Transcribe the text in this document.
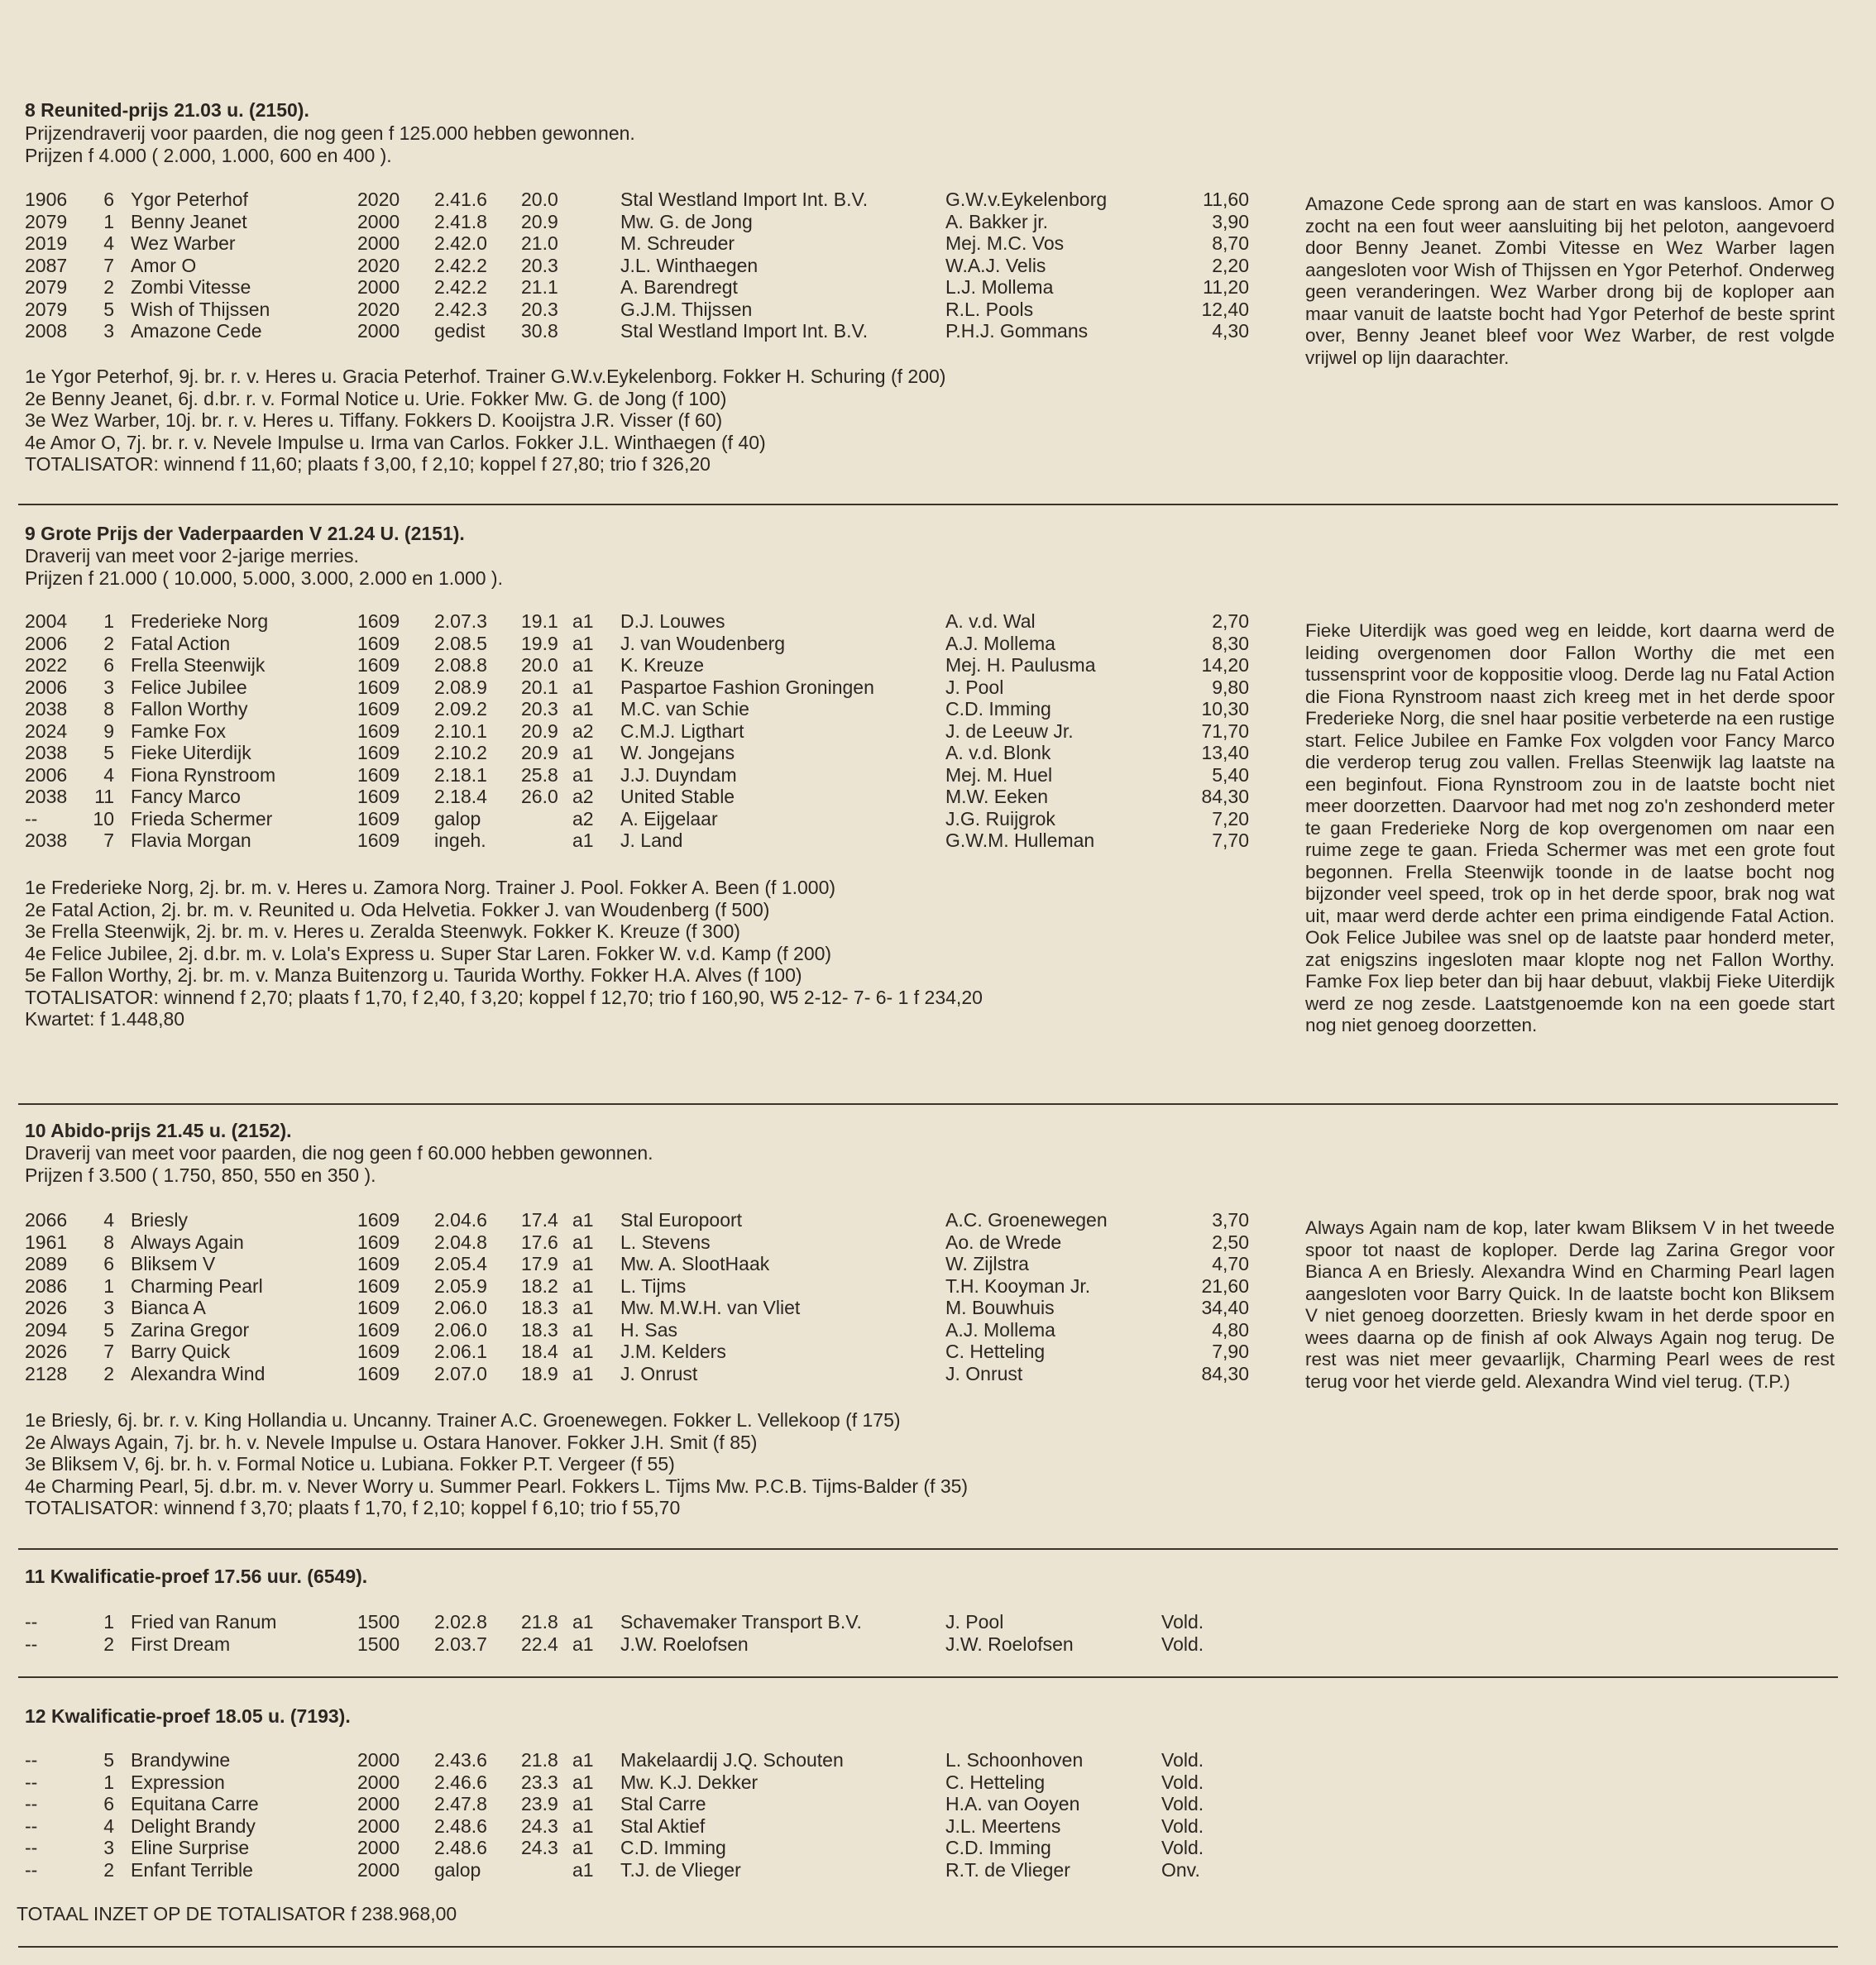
8 Reunited-prijs 21.03 u. (2150).
Prijzendraverij voor paarden, die nog geen f 125.000 hebben gewonnen.
Prijzen f 4.000 ( 2.000, 1.000, 600 en 400 ).
1906	6 Ygor Peterhof	2020 2.41.6 20.0	Stal Westland Import Int. B.V.	G.W.v.Eykelenborg	11,60
2079	1 Benny Jeanet	2000 2.41.8 20.9	Mw. G. de Jong	A. Bakker jr.	3,90
2019	4 Wez Warber	2000 2.42.0 21.0	M. Schreuder	Mej. M.C. Vos	8,70
2087	7 Amor O	2020 2.42.2 20.3	J.L. Winthaegen	W.A.J. Velis	2,20
2079	2 Zombi Vitesse	2000 2.42.2 21.1	A. Barendregt	L.J. Mollema	11,20
2079	5 Wish of Thijssen	2020 2.42.3 20.3	G.J.M. Thijssen	R.L. Pools	12,40
2008	3 Amazone Cede	2000 gedist 30.8	Stal Westland Import Int. B.V.	P.H.J. Gommans	4,30
1e Ygor Peterhof, 9j. br. r. v. Heres u. Gracia Peterhof. Trainer G.W.v.Eykelenborg. Fokker H. Schuring (f 200)
2e Benny Jeanet, 6j. d.br. r. v. Formal Notice u. Urie. Fokker Mw. G. de Jong (f 100)
3e Wez Warber, 10j. br. r. v. Heres u. Tiffany. Fokkers D. Kooijstra J.R. Visser (f 60)
4e Amor O, 7j. br. r. v. Nevele Impulse u. Irma van Carlos. Fokker J.L. Winthaegen (f 40)
TOTALISATOR: winnend f 11,60; plaats f 3,00, f 2,10; koppel f 27,80; trio f 326,20
Amazone Cede sprong aan de start en was kansloos. Amor O zocht na een fout weer aansluiting bij het peloton, aangevoerd door Benny Jeanet. Zombi Vitesse en Wez Warber lagen aangesloten voor Wish of Thijssen en Ygor Peterhof. Onderweg geen veranderingen. Wez Warber drong bij de koploper aan maar vanuit de laatste bocht had Ygor Peterhof de beste sprint over, Benny Jeanet bleef voor Wez Warber, de rest volgde vrijwel op lijn daarachter.
9 Grote Prijs der Vaderpaarden V 21.24 U. (2151).
Draverij van meet voor 2-jarige merries.
Prijzen f 21.000 ( 10.000, 5.000, 3.000, 2.000 en 1.000 ).
2004	1 Frederieke Norg	1609 2.07.3 19.1 a1 D.J. Louwes	A. v.d. Wal	2,70
2006	2 Fatal Action	1609 2.08.5 19.9 a1 J. van Woudenberg	A.J. Mollema	8,30
2022	6 Frella Steenwijk	1609 2.08.8 20.0 a1 K. Kreuze	Mej. H. Paulusma	14,20
2006	3 Felice Jubilee	1609 2.08.9 20.1 a1 Paspartoe Fashion Groningen	J. Pool	9,80
2038	8 Fallon Worthy	1609 2.09.2 20.3 a1 M.C. van Schie	C.D. Imming	10,30
2024	9 Famke Fox	1609 2.10.1 20.9 a2 C.M.J. Ligthart	J. de Leeuw Jr.	71,70
2038	5 Fieke Uiterdijk	1609 2.10.2 20.9 a1 W. Jongejans	A. v.d. Blonk	13,40
2006	4 Fiona Rynstroom	1609 2.18.1 25.8 a1 J.J. Duyndam	Mej. M. Huel	5,40
2038	11 Fancy Marco	1609 2.18.4 26.0 a2 United Stable	M.W. Eeken	84,30
--	10 Frieda Schermer	1609 galop	a2 A. Eijgelaar	J.G. Ruijgrok	7,20
2038	7 Flavia Morgan	1609 ingeh.	a1 J. Land	G.W.M. Hulleman	7,70
1e Frederieke Norg, 2j. br. m. v. Heres u. Zamora Norg. Trainer J. Pool. Fokker A. Been (f 1.000)
2e Fatal Action, 2j. br. m. v. Reunited u. Oda Helvetia. Fokker J. van Woudenberg (f 500)
3e Frella Steenwijk, 2j. br. m. v. Heres u. Zeralda Steenwyk. Fokker K. Kreuze (f 300)
4e Felice Jubilee, 2j. d.br. m. v. Lola's Express u. Super Star Laren. Fokker W. v.d. Kamp (f 200)
5e Fallon Worthy, 2j. br. m. v. Manza Buitenzorg u. Taurida Worthy. Fokker H.A. Alves (f 100)
TOTALISATOR: winnend f 2,70; plaats f 1,70, f 2,40, f 3,20; koppel f 12,70; trio f 160,90, W5 2-12- 7- 6- 1 f 234,20
Kwartet: f 1.448,80
Fieke Uiterdijk was goed weg en leidde, kort daarna werd de leiding overgenomen door Fallon Worthy die met een tussensprint voor de koppositie vloog. Derde lag nu Fatal Action die Fiona Rynstroom naast zich kreeg met in het derde spoor Frederieke Norg, die snel haar positie verbeterde na een rustige start. Felice Jubilee en Famke Fox volgden voor Fancy Marco die verderop terug zou vallen. Frellas Steenwijk lag laatste na een beginfout. Fiona Rynstroom zou in de laatste bocht niet meer doorzetten. Daarvoor had met nog zo'n zeshonderd meter te gaan Frederieke Norg de kop overgenomen om naar een ruime zege te gaan. Frieda Schermer was met een grote fout begonnen. Frella Steenwijk toonde in de laatse bocht nog bijzonder veel speed, trok op in het derde spoor, brak nog wat uit, maar werd derde achter een prima eindigende Fatal Action. Ook Felice Jubilee was snel op de laatste paar honderd meter, zat enigszins ingesloten maar klopte nog net Fallon Worthy. Famke Fox liep beter dan bij haar debuut, vlakbij Fieke Uiterdijk werd ze nog zesde. Laatstgenoemde kon na een goede start nog niet genoeg doorzetten.
10 Abido-prijs 21.45 u. (2152).
Draverij van meet voor paarden, die nog geen f 60.000 hebben gewonnen.
Prijzen f 3.500 ( 1.750, 850, 550 en 350 ).
2066	4 Briesly	1609 2.04.6 17.4 a1 Stal Europoort	A.C. Groenewegen	3,70
1961	8 Always Again	1609 2.04.8 17.6 a1 L. Stevens	Ao. de Wrede	2,50
2089	6 Bliksem V	1609 2.05.4 17.9 a1 Mw. A. SlootHaak	W. Zijlstra	4,70
2086	1 Charming Pearl	1609 2.05.9 18.2 a1 L. Tijms	T.H. Kooyman Jr.	21,60
2026	3 Bianca A	1609 2.06.0 18.3 a1 Mw. M.W.H. van Vliet	M. Bouwhuis	34,40
2094	5 Zarina Gregor	1609 2.06.0 18.3 a1 H. Sas	A.J. Mollema	4,80
2026	7 Barry Quick	1609 2.06.1 18.4 a1 J.M. Kelders	C. Hetteling	7,90
2128	2 Alexandra Wind	1609 2.07.0 18.9 a1 J. Onrust	J. Onrust	84,30
1e Briesly, 6j. br. r. v. King Hollandia u. Uncanny. Trainer A.C. Groenewegen. Fokker L. Vellekoop (f 175)
2e Always Again, 7j. br. h. v. Nevele Impulse u. Ostara Hanover. Fokker J.H. Smit (f 85)
3e Bliksem V, 6j. br. h. v. Formal Notice u. Lubiana. Fokker P.T. Vergeer (f 55)
4e Charming Pearl, 5j. d.br. m. v. Never Worry u. Summer Pearl. Fokkers L. Tijms Mw. P.C.B. Tijms-Balder (f 35)
TOTALISATOR: winnend f 3,70; plaats f 1,70, f 2,10; koppel f 6,10; trio f 55,70
Always Again nam de kop, later kwam Bliksem V in het tweede spoor tot naast de koploper. Derde lag Zarina Gregor voor Bianca A en Briesly. Alexandra Wind en Charming Pearl lagen aangesloten voor Barry Quick. In de laatste bocht kon Bliksem V niet genoeg doorzetten. Briesly kwam in het derde spoor en wees daarna op de finish af ook Always Again nog terug. De rest was niet meer gevaarlijk, Charming Pearl wees de rest terug voor het vierde geld. Alexandra Wind viel terug. (T.P.)
11 Kwalificatie-proef 17.56 uur. (6549).
--	1 Fried van Ranum	1500 2.02.8 21.8 a1 Schavemaker Transport B.V.	J. Pool	Vold.
--	2 First Dream	1500 2.03.7 22.4 a1 J.W. Roelofsen	J.W. Roelofsen	Vold.
12 Kwalificatie-proef 18.05 u. (7193).
--	5 Brandywine	2000 2.43.6 21.8 a1 Makelaardij J.Q. Schouten	L. Schoonhoven	Vold.
--	1 Expression	2000 2.46.6 23.3 a1 Mw. K.J. Dekker	C. Hetteling	Vold.
--	6 Equitana Carre	2000 2.47.8 23.9 a1 Stal Carre	H.A. van Ooyen	Vold.
--	4 Delight Brandy	2000 2.48.6 24.3 a1 Stal Aktief	J.L. Meertens	Vold.
--	3 Eline Surprise	2000 2.48.6 24.3 a1 C.D. Imming	C.D. Imming	Vold.
--	2 Enfant Terrible	2000 galop	a1 T.J. de Vlieger	R.T. de Vlieger	Onv.
TOTAAL INZET OP DE TOTALISATOR f 238.968,00
